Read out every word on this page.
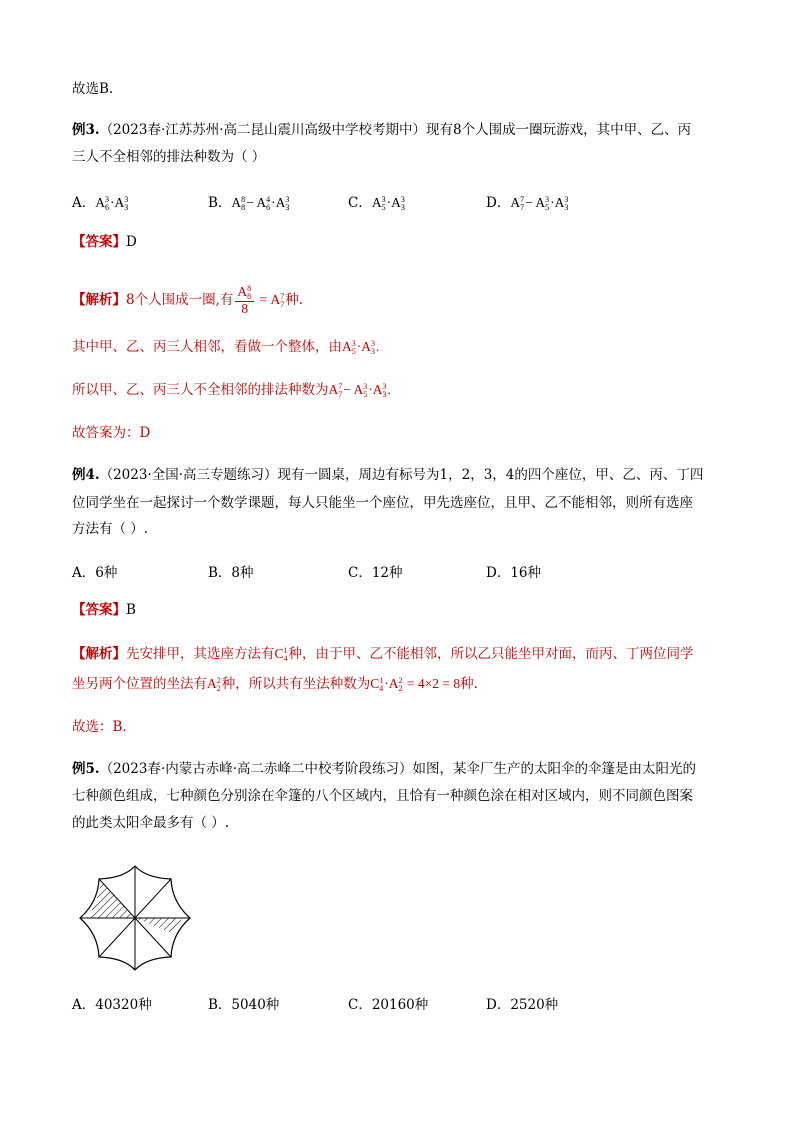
故选B.
例3.（2023春·江苏苏州·高二昆山震川高级中学校考期中）现有8个人围成一圈玩游戏，其中甲、乙、丙
三人不全相邻的排法种数为（ ）
A．A 3
6 ·A 3
3	B．A 8
8 − A 4
6 ·A 3
3	C．A 3
5 ·A 3
3	D．A 7
7 − A 3
5 ·A 3
3
【答案】D
【解析】8个人围成一圈,有 A 8
8
8 = A 7
7 种.
其中甲、乙、丙三人相邻，看做一个整体，由A 3
5 ·A 3
3 .
所以甲、乙、丙三人不全相邻的排法种数为A 7
7 − A 3
5 ·A 3
3 .
故答案为：D
例4.（2023·全国·高三专题练习）现有一圆桌，周边有标号为1，2，3，4的四个座位，甲、乙、丙、丁四
位同学坐在一起探讨一个数学课题，每人只能坐一个座位，甲先选座位，且甲、乙不能相邻，则所有选座
方法有（ ）.
A．6种	B．8种	C．12种	D．16种
【答案】B
【解析】先安排甲，其选座方法有C 1
4 种，由于甲、乙不能相邻，所以乙只能坐甲对面，而丙、丁两位同学
坐另两个位置的坐法有A 2
2 种，所以共有坐法种数为C 1
4 ·A 2
2 = 4×2 = 8种.
故选：B．
例5.（2023春·内蒙古赤峰·高二赤峰二中校考阶段练习）如图，某伞厂生产的太阳伞的伞篷是由太阳光的
七种颜色组成，七种颜色分别涂在伞篷的八个区域内，且恰有一种颜色涂在相对区域内，则不同颜色图案
的此类太阳伞最多有（ ）.
A．40320种	B．5040种	C．20160种	D．2520种
